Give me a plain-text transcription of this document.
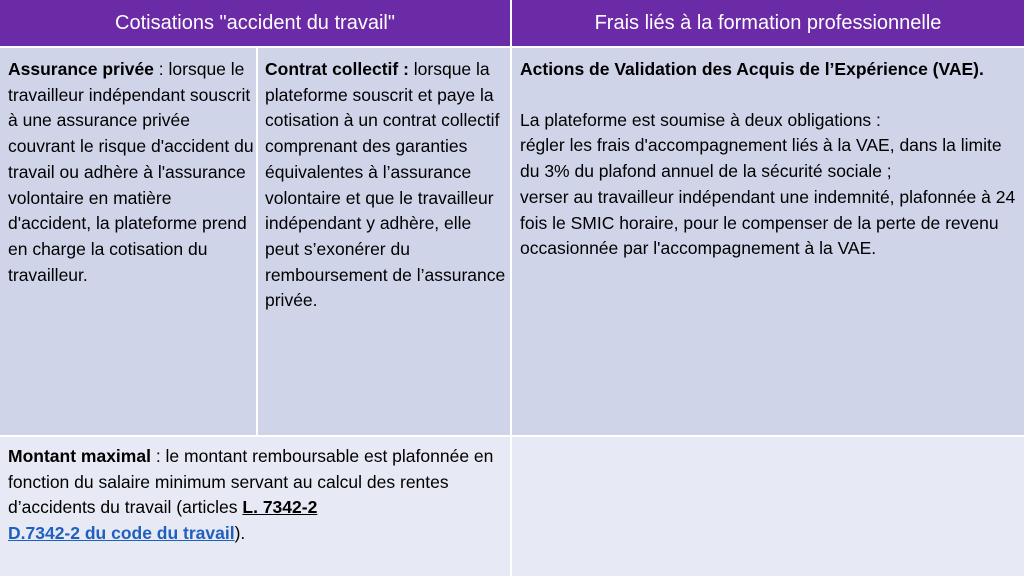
Cotisations "accident du travail"	Frais liés à la formation professionnelle
Assurance privée : lorsque le travailleur indépendant souscrit à une assurance privée couvrant le risque d'accident du travail ou adhère à l'assurance volontaire en matière d'accident, la plateforme prend en charge la cotisation du travailleur.
Contrat collectif : lorsque la plateforme souscrit et paye la cotisation à un contrat collectif comprenant des garanties équivalentes à l’assurance volontaire et que le travailleur indépendant y adhère, elle peut s’exonérer du remboursement de l’assurance privée.
Actions de Validation des Acquis de l’Expérience (VAE).
La plateforme est soumise à deux obligations :
régler les frais d'accompagnement liés à la VAE, dans la limite du 3% du plafond annuel de la sécurité sociale ;
verser au travailleur indépendant une indemnité, plafonnée à 24 fois le SMIC horaire, pour le compenser de la perte de revenu occasionnée par l'accompagnement à la VAE.
Montant maximal : le montant remboursable est plafonnée en fonction du salaire minimum servant au calcul des rentes d’accidents du travail (articles L. 7342-2
D.7342-2 du code du travail).
